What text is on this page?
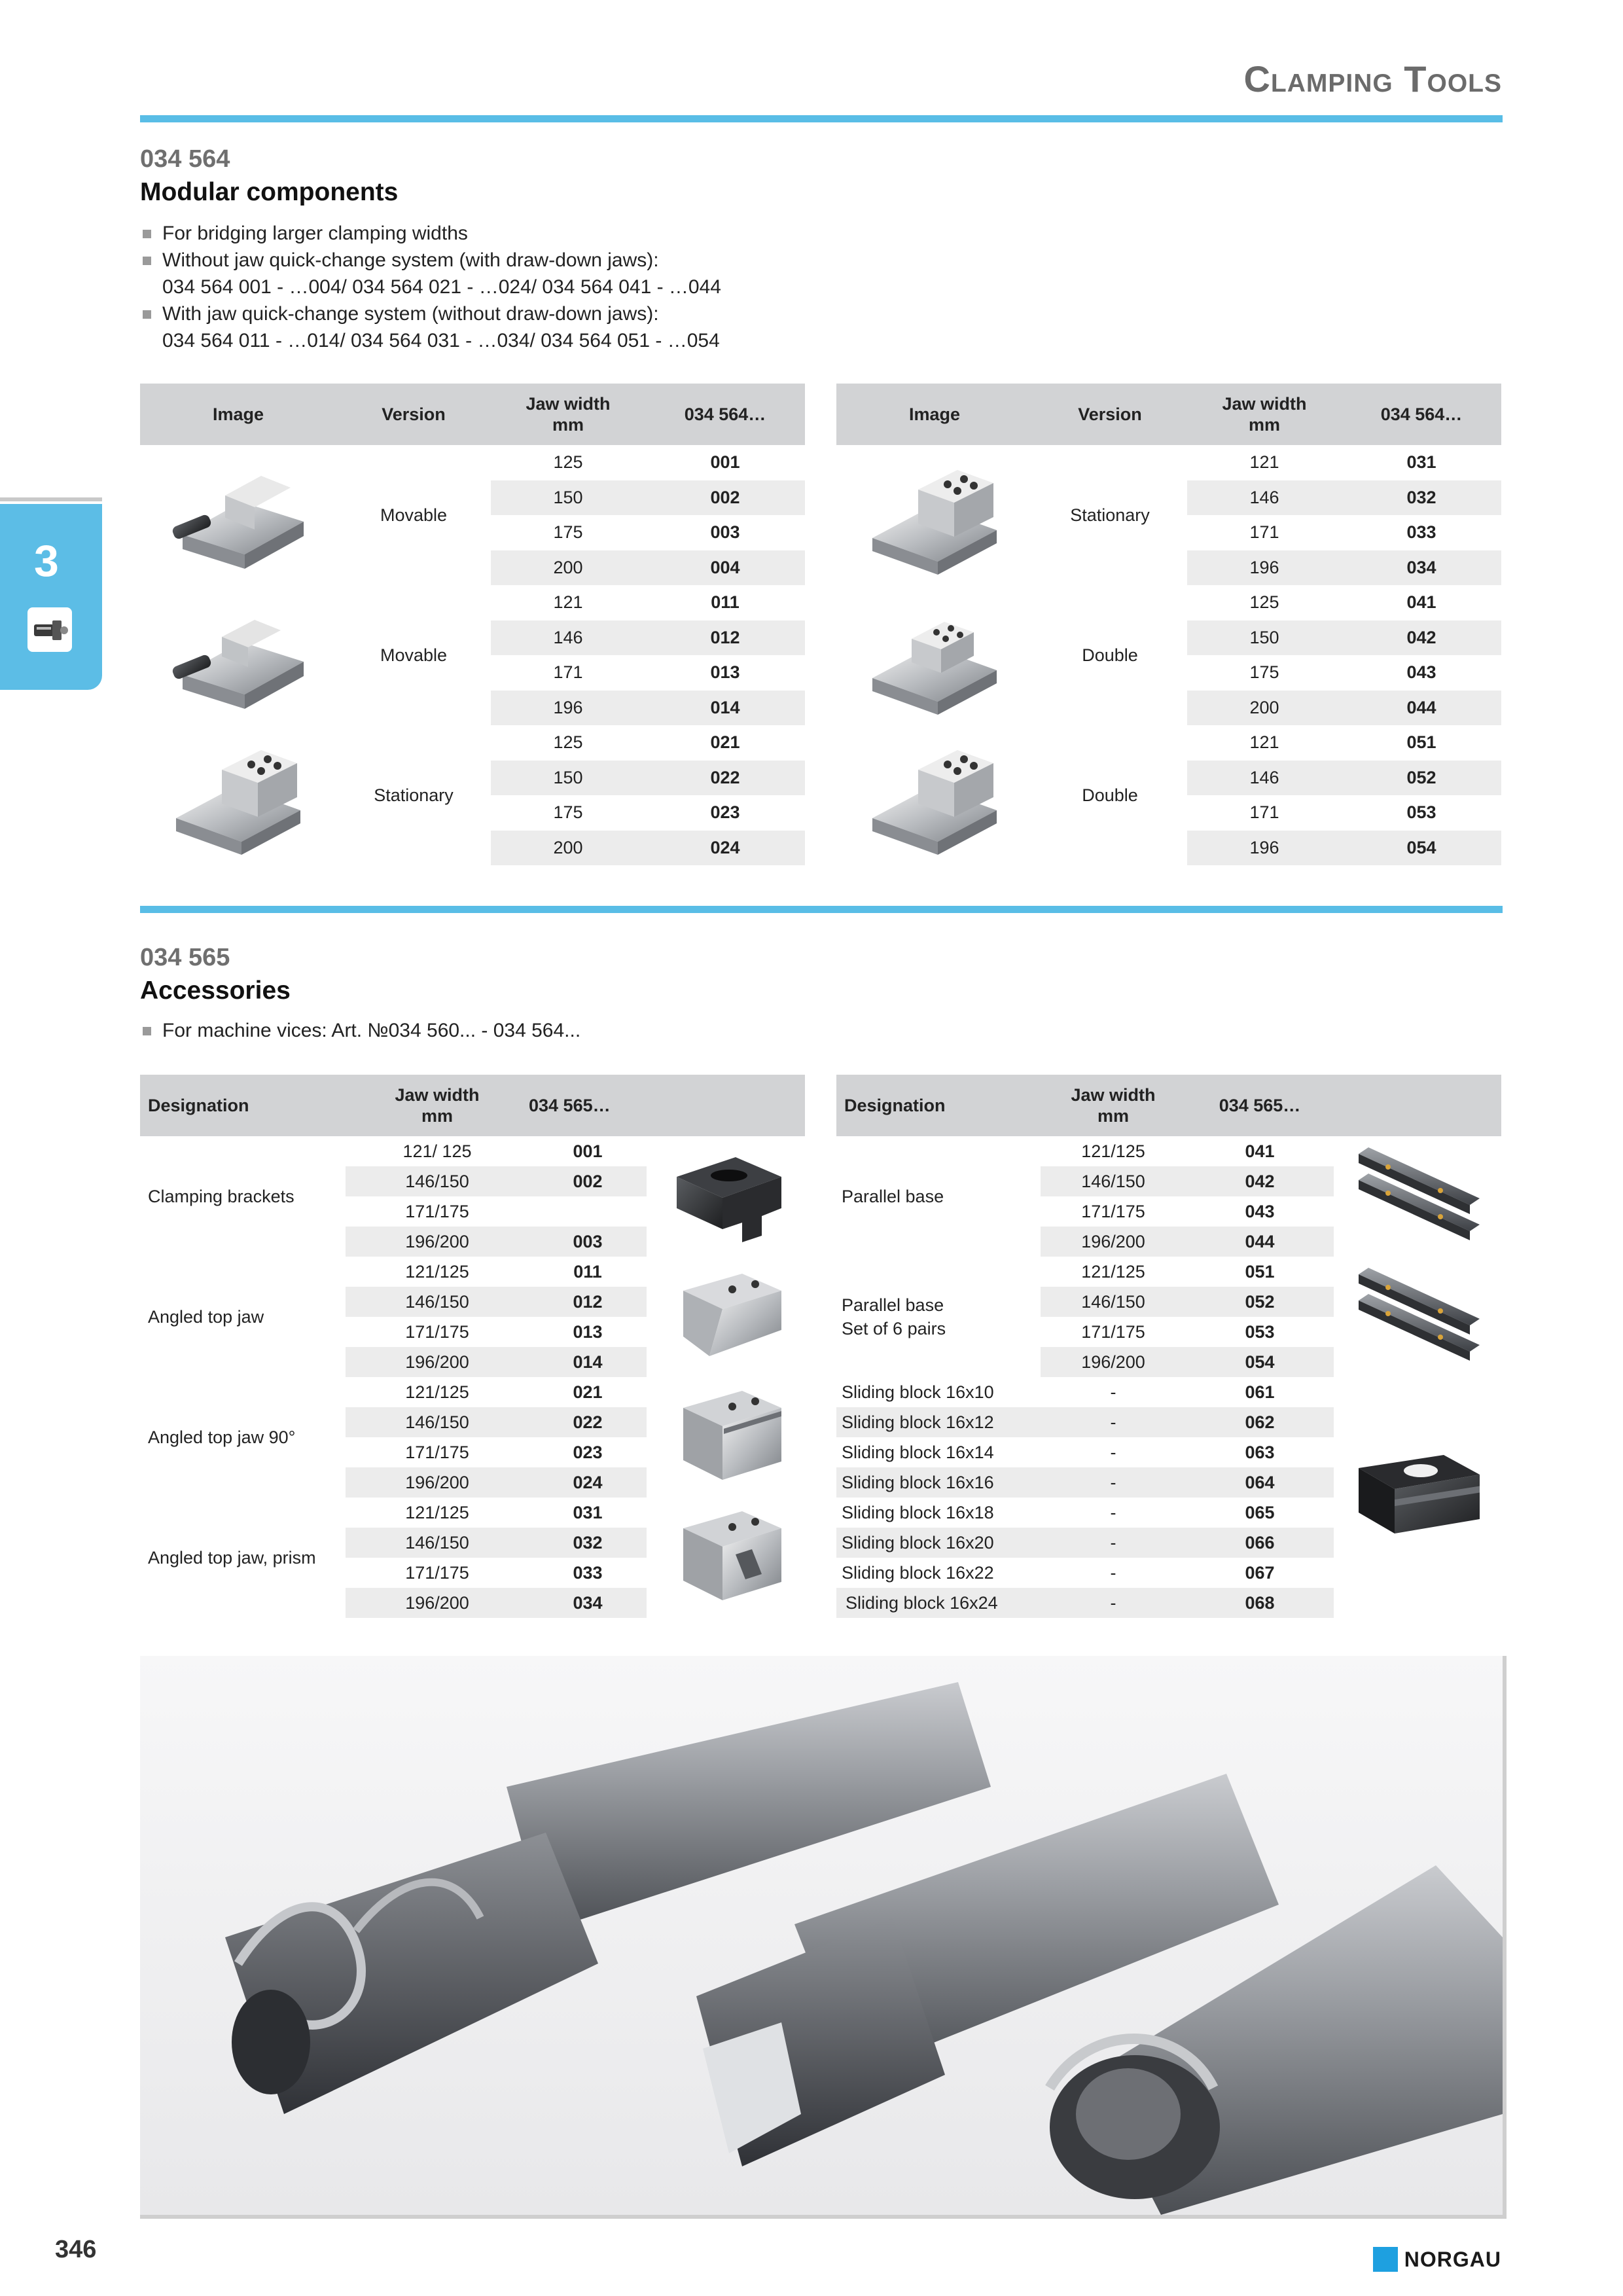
Clamping Tools
3
034 564
Modular components
For bridging larger clamping widths
Without jaw quick-change system (with draw-down jaws):
034 564 001 - …004/ 034 564 021 - …024/ 034 564 041 - …044
With jaw quick-change system (without draw-down jaws):
034 564 011 - …014/ 034 564 031 - …034/ 034 564 051 - …054
Image	Version	Jaw width
mm	034 564…

	Movable	125	001
		150	002
		175	003
		200	004

	Movable	121	011
		146	012
		171	013
		196	014

	Stationary	125	021
		150	022
		175	023
		200	024
Image	Version	Jaw width
mm	034 564…

	Stationary	121	031
		146	032
		171	033
		196	034

	Double	125	041
		150	042
		175	043
		200	044

	Double	121	051
		146	052
		171	053
		196	054
034 565
Accessories
For machine vices: Art. №034 560... - 034 564...
Designation	Jaw width
mm	034 565…	
Clamping brackets	121/ 125	001	

	146/150	002	
	171/175		
	196/200	003	
Angled top jaw	121/125	011	

	146/150	012	
	171/175	013	
	196/200	014	
Angled top jaw 90°	121/125	021	

	146/150	022	
	171/175	023	
	196/200	024	
Angled top jaw, prism	121/125	031	

	146/150	032	
	171/175	033	
	196/200	034	
Designation	Jaw width
mm	034 565…	
Parallel base	121/125	041	

	146/150	042	
	171/175	043	
	196/200	044	
Parallel base
Set of 6 pairs	121/125	051	

	146/150	052	
	171/175	053	
	196/200	054	
Sliding block 16x10	-	061	

Sliding block 16x12	-	062	
Sliding block 16x14	-	063	
Sliding block 16x16	-	064	
Sliding block 16x18	-	065	
Sliding block 16x20	-	066	
Sliding block 16x22	-	067	
Sliding block 16x24	-	068	
346	NORGAU
